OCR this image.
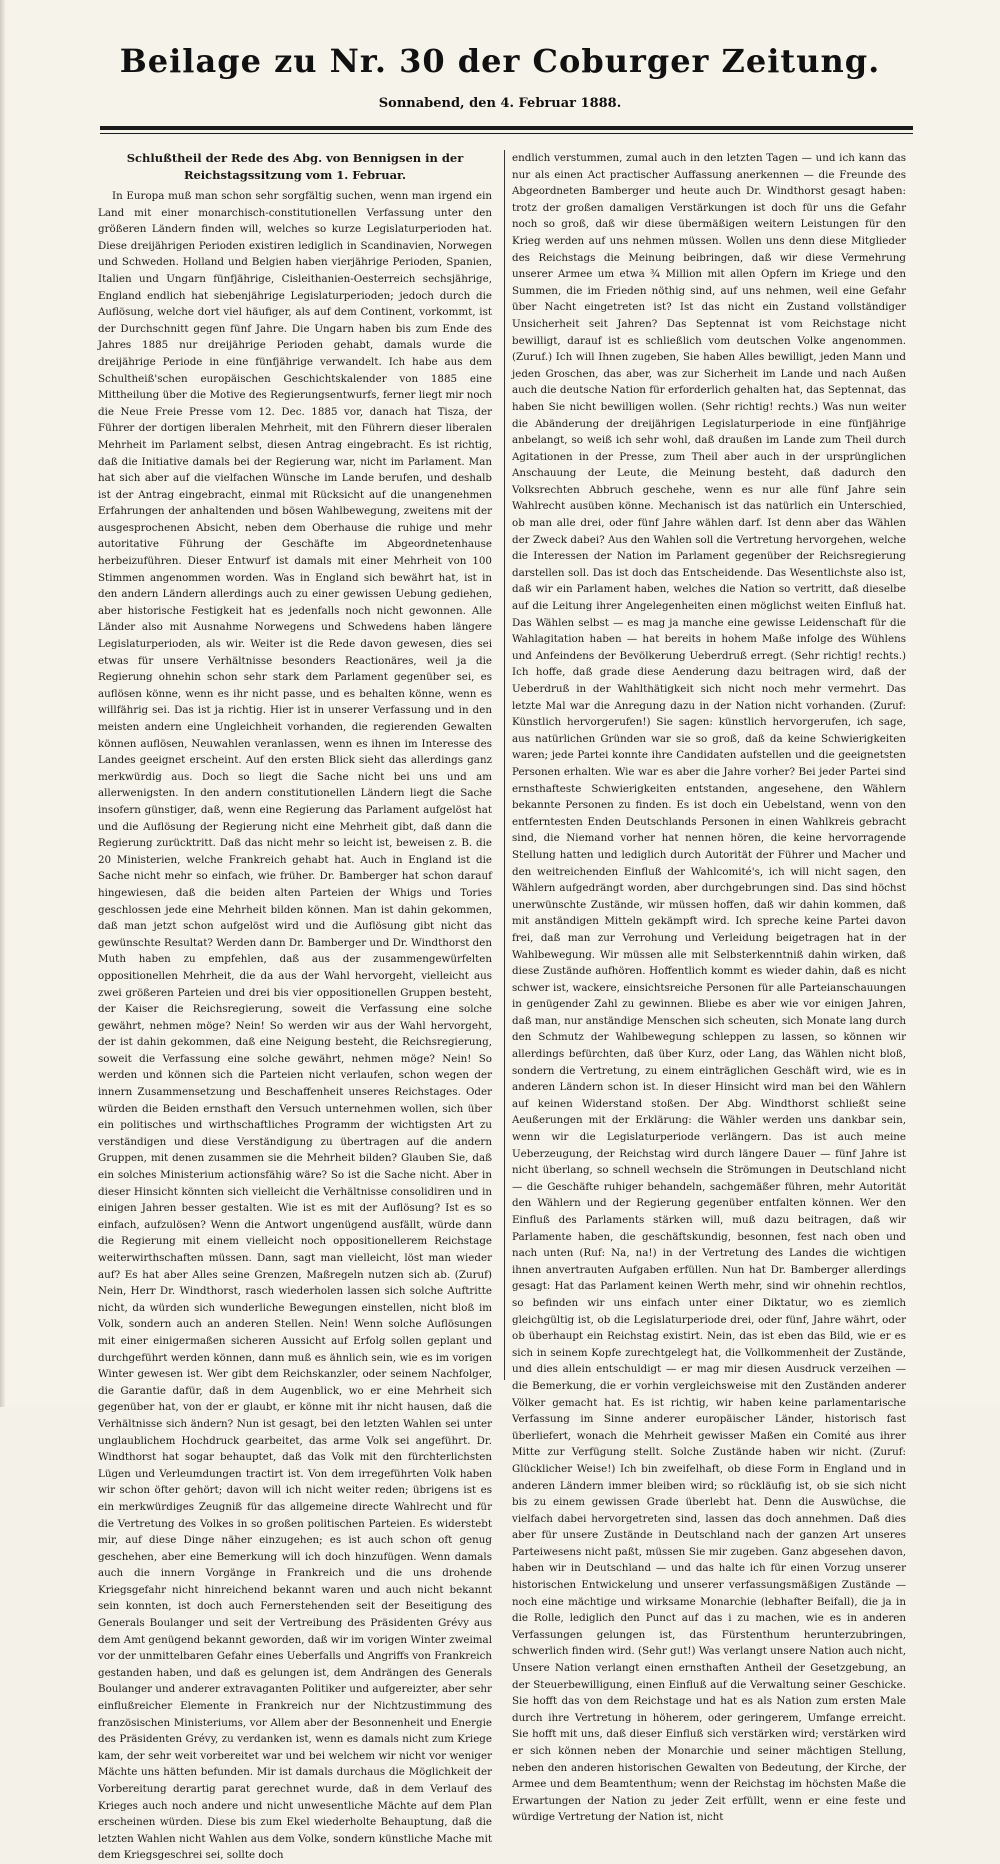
Beilage zu Nr. 30 der Coburger Zeitung.
Sonnabend, den 4. Februar 1888.
Schlußtheil der Rede des Abg. von Bennigsen in der Reichstagssitzung vom 1. Februar.

In Europa muß man schon sehr sorgfältig suchen, wenn man irgend ein Land mit einer monarchisch-constitutionellen Verfassung unter den größeren Ländern finden will, welches so kurze Legislaturperioden hat. Diese dreijährigen Perioden existiren lediglich in Scandinavien, Norwegen und Schweden. Holland und Belgien haben vierjährige Perioden, Spanien, Italien und Ungarn fünfjährige, Cisleithanien-Oesterreich sechsjährige, England endlich hat siebenjährige Legislaturperioden; jedoch durch die Auflösung, welche dort viel häufiger, als auf dem Continent, vorkommt, ist der Durchschnitt gegen fünf Jahre. Die Ungarn haben bis zum Ende des Jahres 1885 nur dreijährige Perioden gehabt, damals wurde die dreijährige Periode in eine fünfjährige verwandelt. Ich habe aus dem Schultheiß'schen europäischen Geschichtskalender von 1885 eine Mittheilung über die Motive des Regierungsentwurfs, ferner liegt mir noch die Neue Freie Presse vom 12. Dec. 1885 vor, danach hat Tisza, der Führer der dortigen liberalen Mehrheit, mit den Führern dieser liberalen Mehrheit im Parlament selbst, diesen Antrag eingebracht. Es ist richtig, daß die Initiative damals bei der Regierung war, nicht im Parlament. Man hat sich aber auf die vielfachen Wünsche im Lande berufen, und deshalb ist der Antrag eingebracht, einmal mit Rücksicht auf die unangenehmen Erfahrungen der anhaltenden und bösen Wahlbewegung, zweitens mit der ausgesprochenen Absicht, neben dem Oberhause die ruhige und mehr autoritative Führung der Geschäfte im Abgeordnetenhause herbeizuführen. Dieser Entwurf ist damals mit einer Mehrheit von 100 Stimmen angenommen worden. Was in England sich bewährt hat, ist in den andern Ländern allerdings auch zu einer gewissen Uebung gediehen, aber historische Festigkeit hat es jedenfalls noch nicht gewonnen. Alle Länder also mit Ausnahme Norwegens und Schwedens haben längere Legislaturperioden, als wir. Weiter ist die Rede davon gewesen, dies sei etwas für unsere Verhältnisse besonders Reactionäres, weil ja die Regierung ohnehin schon sehr stark dem Parlament gegenüber sei, es auflösen könne, wenn es ihr nicht passe, und es behalten könne, wenn es willfährig sei. Das ist ja richtig. Hier ist in unserer Verfassung und in den meisten andern eine Ungleichheit vorhanden, die regierenden Gewalten können auflösen, Neuwahlen veranlassen, wenn es ihnen im Interesse des Landes geeignet erscheint. Auf den ersten Blick sieht das allerdings ganz merkwürdig aus. Doch so liegt die Sache nicht bei uns und am allerwenigsten. In den andern constitutionellen Ländern liegt die Sache insofern günstiger, daß, wenn eine Regierung das Parlament aufgelöst hat und die Auflösung der Regierung nicht eine Mehrheit gibt, daß dann die Regierung zurücktritt. Daß das nicht mehr so leicht ist, beweisen z. B. die 20 Ministerien, welche Frankreich gehabt hat. Auch in England ist die Sache nicht mehr so einfach, wie früher. Dr. Bamberger hat schon darauf hingewiesen, daß die beiden alten Parteien der Whigs und Tories geschlossen jede eine Mehrheit bilden können. Man ist dahin gekommen, daß man jetzt schon aufgelöst wird und die Auflösung gibt nicht das gewünschte Resultat? Werden dann Dr. Bamberger und Dr. Windthorst den Muth haben zu empfehlen, daß aus der zusammengewürfelten oppositionellen Mehrheit, die da aus der Wahl hervorgeht, vielleicht aus zwei größeren Parteien und drei bis vier oppositionellen Gruppen besteht, der Kaiser die Reichsregierung, soweit die Verfassung eine solche gewährt, nehmen möge? Nein! So werden wir aus der Wahl hervorgeht, der ist dahin gekommen, daß eine Neigung besteht, die Reichsregierung, soweit die Verfassung eine solche gewährt, nehmen möge? Nein! So werden und können sich die Parteien nicht verlaufen, schon wegen der innern Zusammensetzung und Beschaffenheit unseres Reichstages. Oder würden die Beiden ernsthaft den Versuch unternehmen wollen, sich über ein politisches und wirthschaftliches Programm der wichtigsten Art zu verständigen und diese Verständigung zu übertragen auf die andern Gruppen, mit denen zusammen sie die Mehrheit bilden? Glauben Sie, daß ein solches Ministerium actionsfähig wäre? So ist die Sache nicht. Aber in dieser Hinsicht könnten sich vielleicht die Verhältnisse consolidiren und in einigen Jahren besser gestalten. Wie ist es mit der Auflösung? Ist es so einfach, aufzulösen? Wenn die Antwort ungenügend ausfällt, würde dann die Regierung mit einem vielleicht noch oppositionellerem Reichstage weiterwirthschaften müssen. Dann, sagt man vielleicht, löst man wieder auf? Es hat aber Alles seine Grenzen, Maßregeln nutzen sich ab. (Zuruf) Nein, Herr Dr. Windthorst, rasch wiederholen lassen sich solche Auftritte nicht, da würden sich wunderliche Bewegungen einstellen, nicht bloß im Volk, sondern auch an anderen Stellen. Nein! Wenn solche Auflösungen mit einer einigermaßen sicheren Aussicht auf Erfolg sollen geplant und durchgeführt werden können, dann muß es ähnlich sein, wie es im vorigen Winter gewesen ist. Wer gibt dem Reichskanzler, oder seinem Nachfolger, die Garantie dafür, daß in dem Augenblick, wo er eine Mehrheit sich gegenüber hat, von der er glaubt, er könne mit ihr nicht hausen, daß die Verhältnisse sich ändern? Nun ist gesagt, bei den letzten Wahlen sei unter unglaublichem Hochdruck gearbeitet, das arme Volk sei angeführt. Dr. Windthorst hat sogar behauptet, daß das Volk mit den fürchterlichsten Lügen und Verleumdungen tractirt ist. Von dem irregeführten Volk haben wir schon öfter gehört; davon will ich nicht weiter reden; übrigens ist es ein merkwürdiges Zeugniß für das allgemeine directe Wahlrecht und für die Vertretung des Volkes in so großen politischen Parteien. Es widerstebt mir, auf diese Dinge näher einzugehen; es ist auch schon oft genug geschehen, aber eine Bemerkung will ich doch hinzufügen. Wenn damals auch die innern Vorgänge in Frankreich und die uns drohende Kriegsgefahr nicht hinreichend bekannt waren und auch nicht bekannt sein konnten, ist doch auch Fernerstehenden seit der Beseitigung des Generals Boulanger und seit der Vertreibung des Präsidenten Grévy aus dem Amt genügend bekannt geworden, daß wir im vorigen Winter zweimal vor der unmittelbaren Gefahr eines Ueberfalls und Angriffs von Frankreich gestanden haben, und daß es gelungen ist, dem Andrängen des Generals Boulanger und anderer extravaganten Politiker und aufgereizter, aber sehr einflußreicher Elemente in Frankreich nur der Nichtzustimmung des französischen Ministeriums, vor Allem aber der Besonnenheit und Energie des Präsidenten Grévy, zu verdanken ist, wenn es damals nicht zum Kriege kam, der sehr weit vorbereitet war und bei welchem wir nicht vor weniger Mächte uns hätten befunden. Mir ist damals durchaus die Möglichkeit der Vorbereitung derartig parat gerechnet wurde, daß in dem Verlauf des Krieges auch noch andere und nicht unwesentliche Mächte auf dem Plan erscheinen würden. Diese bis zum Ekel wiederholte Behauptung, daß die letzten Wahlen nicht Wahlen aus dem Volke, sondern künstliche Mache mit dem Kriegsgeschrei sei, sollte doch

endlich verstummen, zumal auch in den letzten Tagen — und ich kann das nur als einen Act practischer Auffassung anerkennen — die Freunde des Abgeordneten Bamberger und heute auch Dr. Windthorst gesagt haben: trotz der großen damaligen Verstärkungen ist doch für uns die Gefahr noch so groß, daß wir diese übermäßigen weitern Leistungen für den Krieg werden auf uns nehmen müssen. Wollen uns denn diese Mitglieder des Reichstags die Meinung beibringen, daß wir diese Vermehrung unserer Armee um etwa ¾ Million mit allen Opfern im Kriege und den Summen, die im Frieden nöthig sind, auf uns nehmen, weil eine Gefahr über Nacht eingetreten ist? Ist das nicht ein Zustand vollständiger Unsicherheit seit Jahren? Das Septennat ist vom Reichstage nicht bewilligt, darauf ist es schließlich vom deutschen Volke angenommen. (Zuruf.) Ich will Ihnen zugeben, Sie haben Alles bewilligt, jeden Mann und jeden Groschen, das aber, was zur Sicherheit im Lande und nach Außen auch die deutsche Nation für erforderlich gehalten hat, das Septennat, das haben Sie nicht bewilligen wollen. (Sehr richtig! rechts.) Was nun weiter die Abänderung der dreijährigen Legislaturperiode in eine fünfjährige anbelangt, so weiß ich sehr wohl, daß draußen im Lande zum Theil durch Agitationen in der Presse, zum Theil aber auch in der ursprünglichen Anschauung der Leute, die Meinung besteht, daß dadurch den Volksrechten Abbruch geschehe, wenn es nur alle fünf Jahre sein Wahlrecht ausüben könne. Mechanisch ist das natürlich ein Unterschied, ob man alle drei, oder fünf Jahre wählen darf. Ist denn aber das Wählen der Zweck dabei? Aus den Wahlen soll die Vertretung hervorgehen, welche die Interessen der Nation im Parlament gegenüber der Reichsregierung darstellen soll. Das ist doch das Entscheidende. Das Wesentlichste also ist, daß wir ein Parlament haben, welches die Nation so vertritt, daß dieselbe auf die Leitung ihrer Angelegenheiten einen möglichst weiten Einfluß hat. Das Wählen selbst — es mag ja manche eine gewisse Leidenschaft für die Wahlagitation haben — hat bereits in hohem Maße infolge des Wühlens und Anfeindens der Bevölkerung Ueberdruß erregt. (Sehr richtig! rechts.) Ich hoffe, daß grade diese Aenderung dazu beitragen wird, daß der Ueberdruß in der Wahlthätigkeit sich nicht noch mehr vermehrt. Das letzte Mal war die Anregung dazu in der Nation nicht vorhanden. (Zuruf: Künstlich hervorgerufen!) Sie sagen: künstlich hervorgerufen, ich sage, aus natürlichen Gründen war sie so groß, daß da keine Schwierigkeiten waren; jede Partei konnte ihre Candidaten aufstellen und die geeignetsten Personen erhalten. Wie war es aber die Jahre vorher? Bei jeder Partei sind ernsthafteste Schwierigkeiten entstanden, angesehene, den Wählern bekannte Personen zu finden. Es ist doch ein Uebelstand, wenn von den entferntesten Enden Deutschlands Personen in einen Wahlkreis gebracht sind, die Niemand vorher hat nennen hören, die keine hervorragende Stellung hatten und lediglich durch Autorität der Führer und Macher und den weitreichenden Einfluß der Wahlcomité's, ich will nicht sagen, den Wählern aufgedrängt worden, aber durchgebrungen sind. Das sind höchst unerwünschte Zustände, wir müssen hoffen, daß wir dahin kommen, daß mit anständigen Mitteln gekämpft wird. Ich spreche keine Partei davon frei, daß man zur Verrohung und Verleidung beigetragen hat in der Wahlbewegung. Wir müssen alle mit Selbsterkenntniß dahin wirken, daß diese Zustände aufhören. Hoffentlich kommt es wieder dahin, daß es nicht schwer ist, wackere, einsichtsreiche Personen für alle Parteianschauungen in genügender Zahl zu gewinnen. Bliebe es aber wie vor einigen Jahren, daß man, nur anständige Menschen sich scheuten, sich Monate lang durch den Schmutz der Wahlbewegung schleppen zu lassen, so können wir allerdings befürchten, daß über Kurz, oder Lang, das Wählen nicht bloß, sondern die Vertretung, zu einem einträglichen Geschäft wird, wie es in anderen Ländern schon ist. In dieser Hinsicht wird man bei den Wählern auf keinen Widerstand stoßen. Der Abg. Windthorst schließt seine Aeußerungen mit der Erklärung: die Wähler werden uns dankbar sein, wenn wir die Legislaturperiode verlängern. Das ist auch meine Ueberzeugung, der Reichstag wird durch längere Dauer — fünf Jahre ist nicht überlang, so schnell wechseln die Strömungen in Deutschland nicht — die Geschäfte ruhiger behandeln, sachgemäßer führen, mehr Autorität den Wählern und der Regierung gegenüber entfalten können. Wer den Einfluß des Parlaments stärken will, muß dazu beitragen, daß wir Parlamente haben, die geschäftskundig, besonnen, fest nach oben und nach unten (Ruf: Na, na!) in der Vertretung des Landes die wichtigen ihnen anvertrauten Aufgaben erfüllen. Nun hat Dr. Bamberger allerdings gesagt: Hat das Parlament keinen Werth mehr, sind wir ohnehin rechtlos, so befinden wir uns einfach unter einer Diktatur, wo es ziemlich gleichgültig ist, ob die Legislaturperiode drei, oder fünf, Jahre währt, oder ob überhaupt ein Reichstag existirt. Nein, das ist eben das Bild, wie er es sich in seinem Kopfe zurechtgelegt hat, die Vollkommenheit der Zustände, und dies allein entschuldigt — er mag mir diesen Ausdruck verzeihen — die Bemerkung, die er vorhin vergleichsweise mit den Zuständen anderer Völker gemacht hat. Es ist richtig, wir haben keine parlamentarische Verfassung im Sinne anderer europäischer Länder, historisch fast überliefert, wonach die Mehrheit gewisser Maßen ein Comité aus ihrer Mitte zur Verfügung stellt. Solche Zustände haben wir nicht. (Zuruf: Glücklicher Weise!) Ich bin zweifelhaft, ob diese Form in England und in anderen Ländern immer bleiben wird; so rückläufig ist, ob sie sich nicht bis zu einem gewissen Grade überlebt hat. Denn die Auswüchse, die vielfach dabei hervorgetreten sind, lassen das doch annehmen. Daß dies aber für unsere Zustände in Deutschland nach der ganzen Art unseres Parteiwesens nicht paßt, müssen Sie mir zugeben. Ganz abgesehen davon, haben wir in Deutschland — und das halte ich für einen Vorzug unserer historischen Entwickelung und unserer verfassungsmäßigen Zustände — noch eine mächtige und wirksame Monarchie (lebhafter Beifall), die ja in die Rolle, lediglich den Punct auf das i zu machen, wie es in anderen Verfassungen gelungen ist, das Fürstenthum herunterzubringen, schwerlich finden wird. (Sehr gut!) Was verlangt unsere Nation auch nicht, Unsere Nation verlangt einen ernsthaften Antheil der Gesetzgebung, an der Steuerbewilligung, einen Einfluß auf die Verwaltung seiner Geschicke. Sie hofft das von dem Reichstage und hat es als Nation zum ersten Male durch ihre Vertretung in höherem, oder geringerem, Umfange erreicht. Sie hofft mit uns, daß dieser Einfluß sich verstärken wird; verstärken wird er sich können neben der Monarchie und seiner mächtigen Stellung, neben den anderen historischen Gewalten von Bedeutung, der Kirche, der Armee und dem Beamtenthum; wenn der Reichstag im höchsten Maße die Erwartungen der Nation zu jeder Zeit erfüllt, wenn er eine feste und würdige Vertretung der Nation ist, nicht
